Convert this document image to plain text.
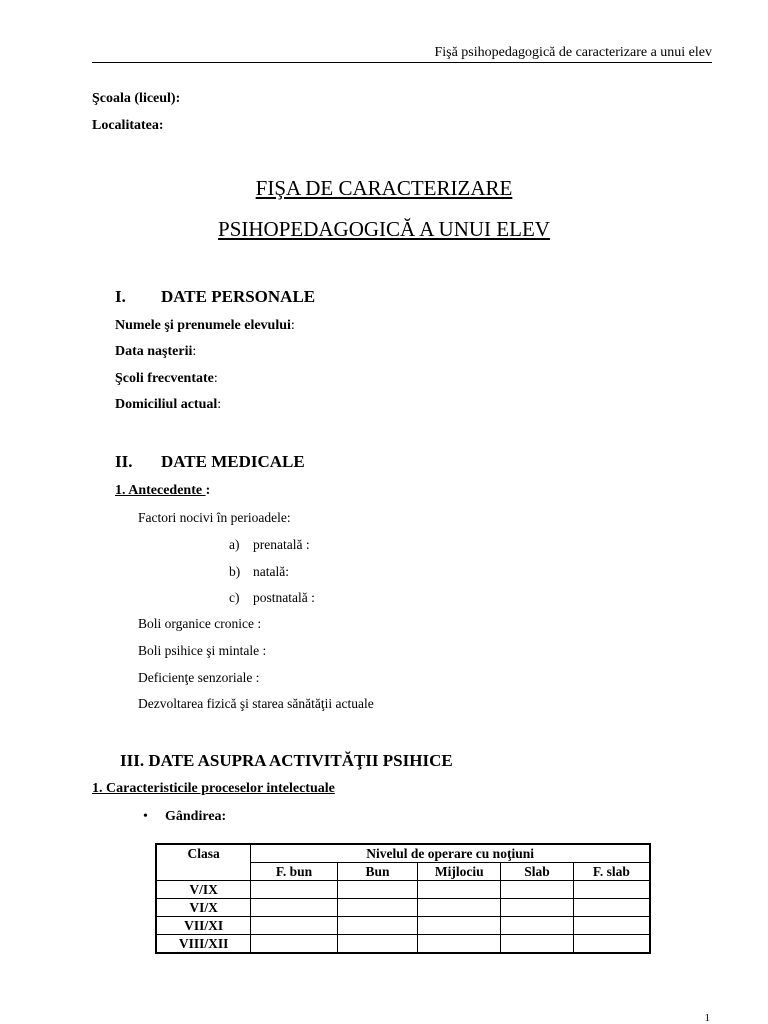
Fişă psihopedagogică de caracterizare a unui elev
Şcoala (liceul):
Localitatea:
FIŞA DE CARACTERIZARE
PSIHOPEDAGOGICĂ A UNUI ELEV
I. DATE PERSONALE
Numele şi prenumele elevului:
Data naşterii:
Şcoli frecventate:
Domiciliul actual:
II. DATE MEDICALE
1. Antecedente :
Factori nocivi în perioadele:
a) prenatală :
b) natală:
c) postnatală :
Boli organice cronice :
Boli psihice şi mintale :
Deficienţe senzoriale :
Dezvoltarea fizică şi starea sănătăţii actuale
III. DATE ASUPRA ACTIVITĂŢII PSIHICE
1. Caracteristicile proceselor intelectuale
• Gândirea:
Clasa	Nivelul de operare cu noţiuni				
	F. bun	Bun	Mijlociu	Slab	F. slab
V/IX					
VI/X					
VII/XI					
VIII/XII					
1
